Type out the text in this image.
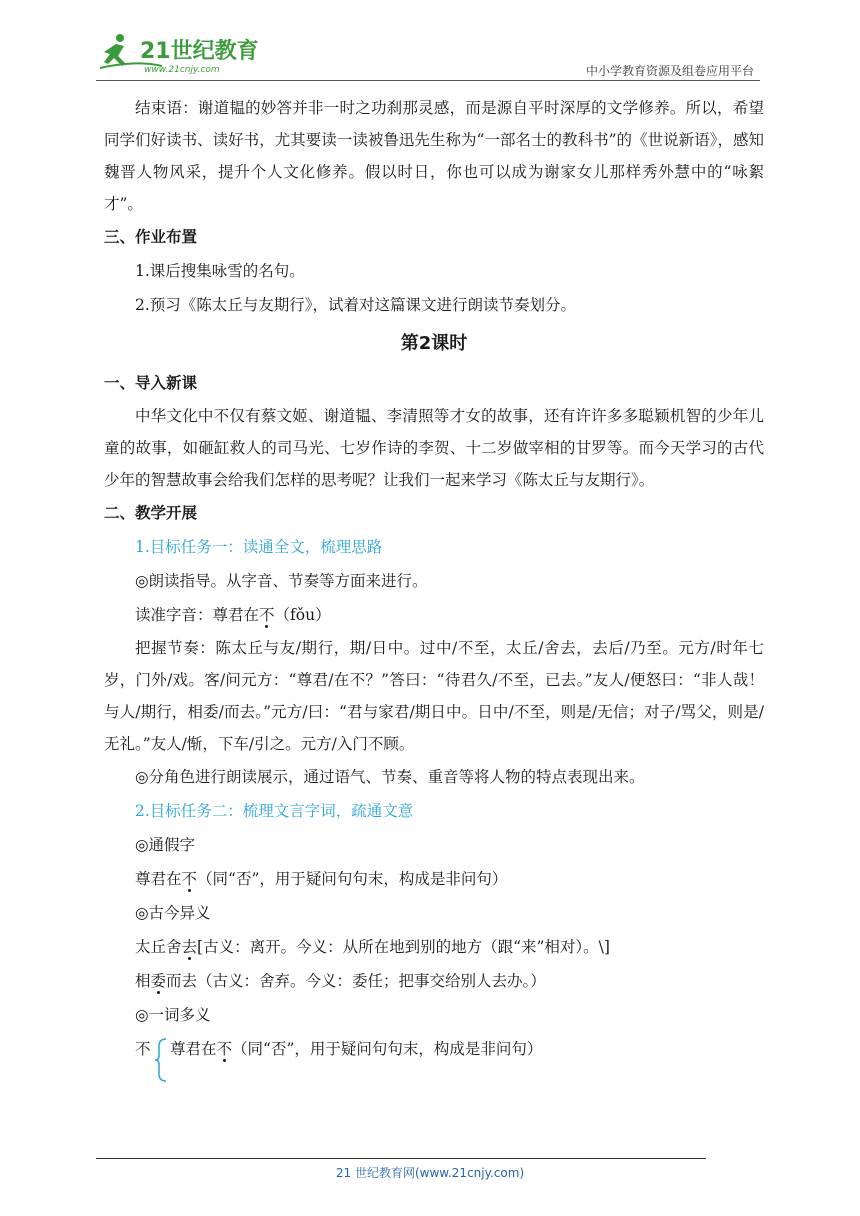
21世纪教育
www.21cnjy.com	中小学教育资源及组卷应用平台

结束语：谢道韫的妙答并非一时之功刹那灵感，而是源自平时深厚的文学修养。所以，希望同学们好读书、读好书，尤其要读一读被鲁迅先生称为“一部名士的教科书”的《世说新语》，感知魏晋人物风采，提升个人文化修养。假以时日，你也可以成为谢家女儿那样秀外慧中的“咏絮才”。

三、作业布置

1.课后搜集咏雪的名句。

2.预习《陈太丘与友期行》，试着对这篇课文进行朗读节奏划分。

第2课时

一、导入新课

中华文化中不仅有蔡文姬、谢道韫、李清照等才女的故事，还有许许多多聪颖机智的少年儿童的故事，如砸缸救人的司马光、七岁作诗的李贺、十二岁做宰相的甘罗等。而今天学习的古代少年的智慧故事会给我们怎样的思考呢？让我们一起来学习《陈太丘与友期行》。

二、教学开展

1.目标任务一：读通全文，梳理思路

◎朗读指导。从字音、节奏等方面来进行。

读准字音：尊君在不（fǒu）

把握节奏：陈太丘与友/期行，期/日中。过中/不至，太丘/舍去，去后/乃至。元方/时年七岁，门外/戏。客/问元方：“尊君/在不？”答曰：“待君久/不至，已去。”友人/便怒曰：“非人哉！与人/期行，相委/而去。”元方/曰：“君与家君/期日中。日中/不至，则是/无信；对子/骂父，则是/无礼。”友人/惭，下车/引之。元方/入门不顾。

◎分角色进行朗读展示，通过语气、节奏、重音等将人物的特点表现出来。

2.目标任务二：梳理文言字词，疏通文意

◎通假字

尊君在不（同“否”，用于疑问句句末，构成是非问句）

◎古今异义

太丘舍去[古义：离开。今义：从所在地到别的地方（跟“来”相对）。\]

相委而去（古义：舍弃。今义：委任；把事交给别人去办。）

◎一词多义

不 尊君在不（同“否”，用于疑问句句末，构成是非问句）
21 世纪教育网(www.21cnjy.com)
